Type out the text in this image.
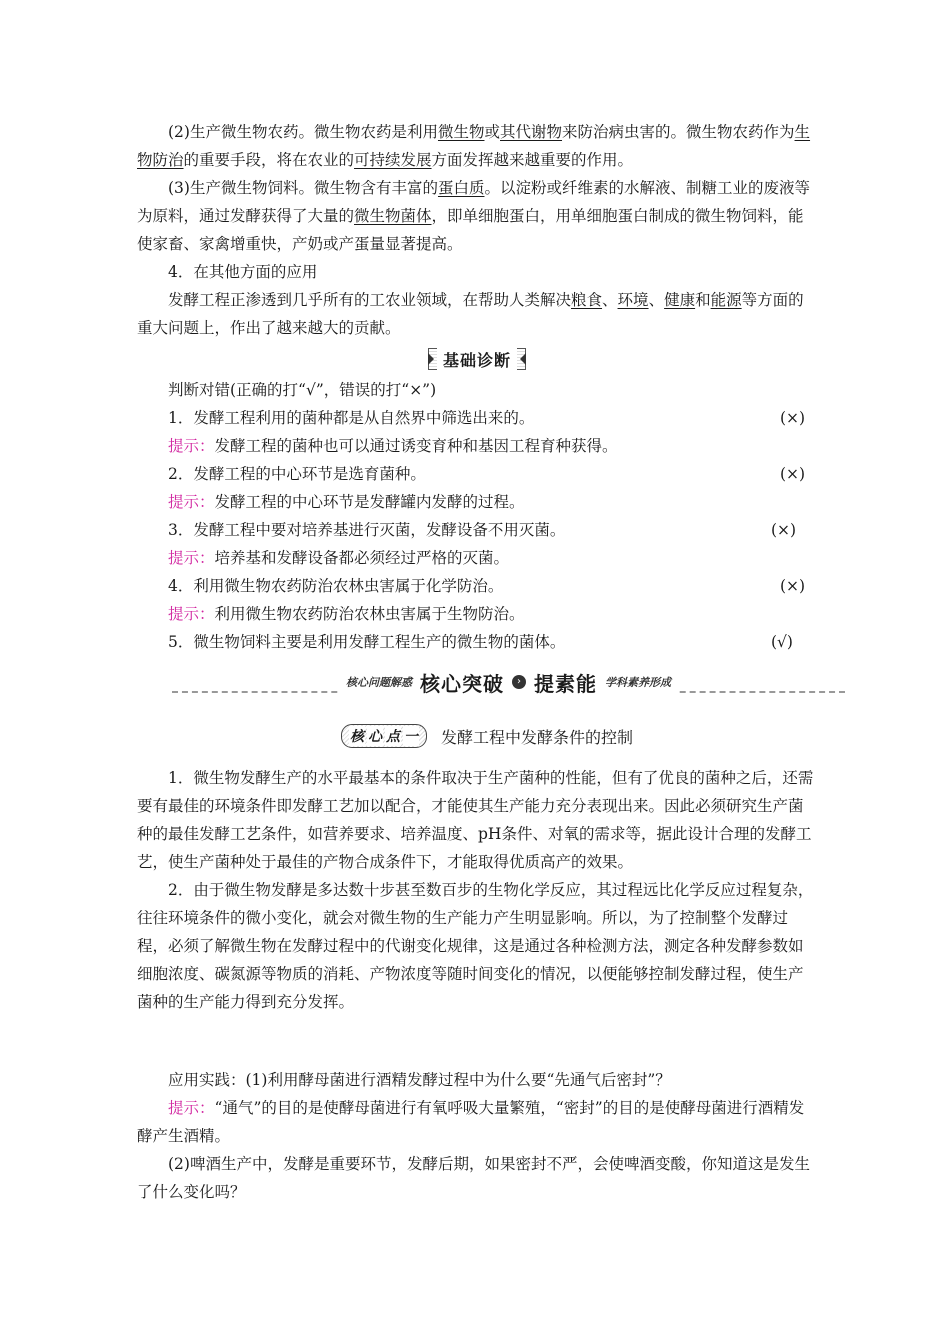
(2)生产微生物农药。微生物农药是利用微生物或其代谢物来防治病虫害的。微生物农药作为生物防治的重要手段，将在农业的可持续发展方面发挥越来越重要的作用。

(3)生产微生物饲料。微生物含有丰富的蛋白质。以淀粉或纤维素的水解液、制糖工业的废液等为原料，通过发酵获得了大量的微生物菌体，即单细胞蛋白，用单细胞蛋白制成的微生物饲料，能使家畜、家禽增重快，产奶或产蛋量显著提高。

4．在其他方面的应用

发酵工程正渗透到几乎所有的工农业领域，在帮助人类解决粮食、环境、健康和能源等方面的重大问题上，作出了越来越大的贡献。

基础诊断

判断对错(正确的打“√”，错误的打“×”)

1．发酵工程利用的菌种都是从自然界中筛选出来的。	(×)

提示：发酵工程的菌种也可以通过诱变育种和基因工程育种获得。

2．发酵工程的中心环节是选育菌种。	(×)

提示：发酵工程的中心环节是发酵罐内发酵的过程。

3．发酵工程中要对培养基进行灭菌，发酵设备不用灭菌。	(×)

提示：培养基和发酵设备都必须经过严格的灭菌。

4．利用微生物农药防治农林虫害属于化学防治。	(×)

提示：利用微生物农药防治农林虫害属于生物防治。

5．微生物饲料主要是利用发酵工程生产的微生物的菌体。	(√)
核心问题解惑 核心突破	› 提素能 学科素养形成
核 心 点 一 发酵工程中发酵条件的控制

1．微生物发酵生产的水平最基本的条件取决于生产菌种的性能，但有了优良的菌种之后，还需要有最佳的环境条件即发酵工艺加以配合，才能使其生产能力充分表现出来。因此必须研究生产菌种的最佳发酵工艺条件，如营养要求、培养温度、pH条件、对氧的需求等，据此设计合理的发酵工艺，使生产菌种处于最佳的产物合成条件下，才能取得优质高产的效果。

2．由于微生物发酵是多达数十步甚至数百步的生物化学反应，其过程远比化学反应过程复杂，往往环境条件的微小变化，就会对微生物的生产能力产生明显影响。所以，为了控制整个发酵过程，必须了解微生物在发酵过程中的代谢变化规律，这是通过各种检测方法，测定各种发酵参数如细胞浓度、碳氮源等物质的消耗、产物浓度等随时间变化的情况，以便能够控制发酵过程，使生产菌种的生产能力得到充分发挥。

应用实践：(1)利用酵母菌进行酒精发酵过程中为什么要“先通气后密封”？

提示：“通气”的目的是使酵母菌进行有氧呼吸大量繁殖，“密封”的目的是使酵母菌进行酒精发酵产生酒精。

(2)啤酒生产中，发酵是重要环节，发酵后期，如果密封不严，会使啤酒变酸，你知道这是发生了什么变化吗？
